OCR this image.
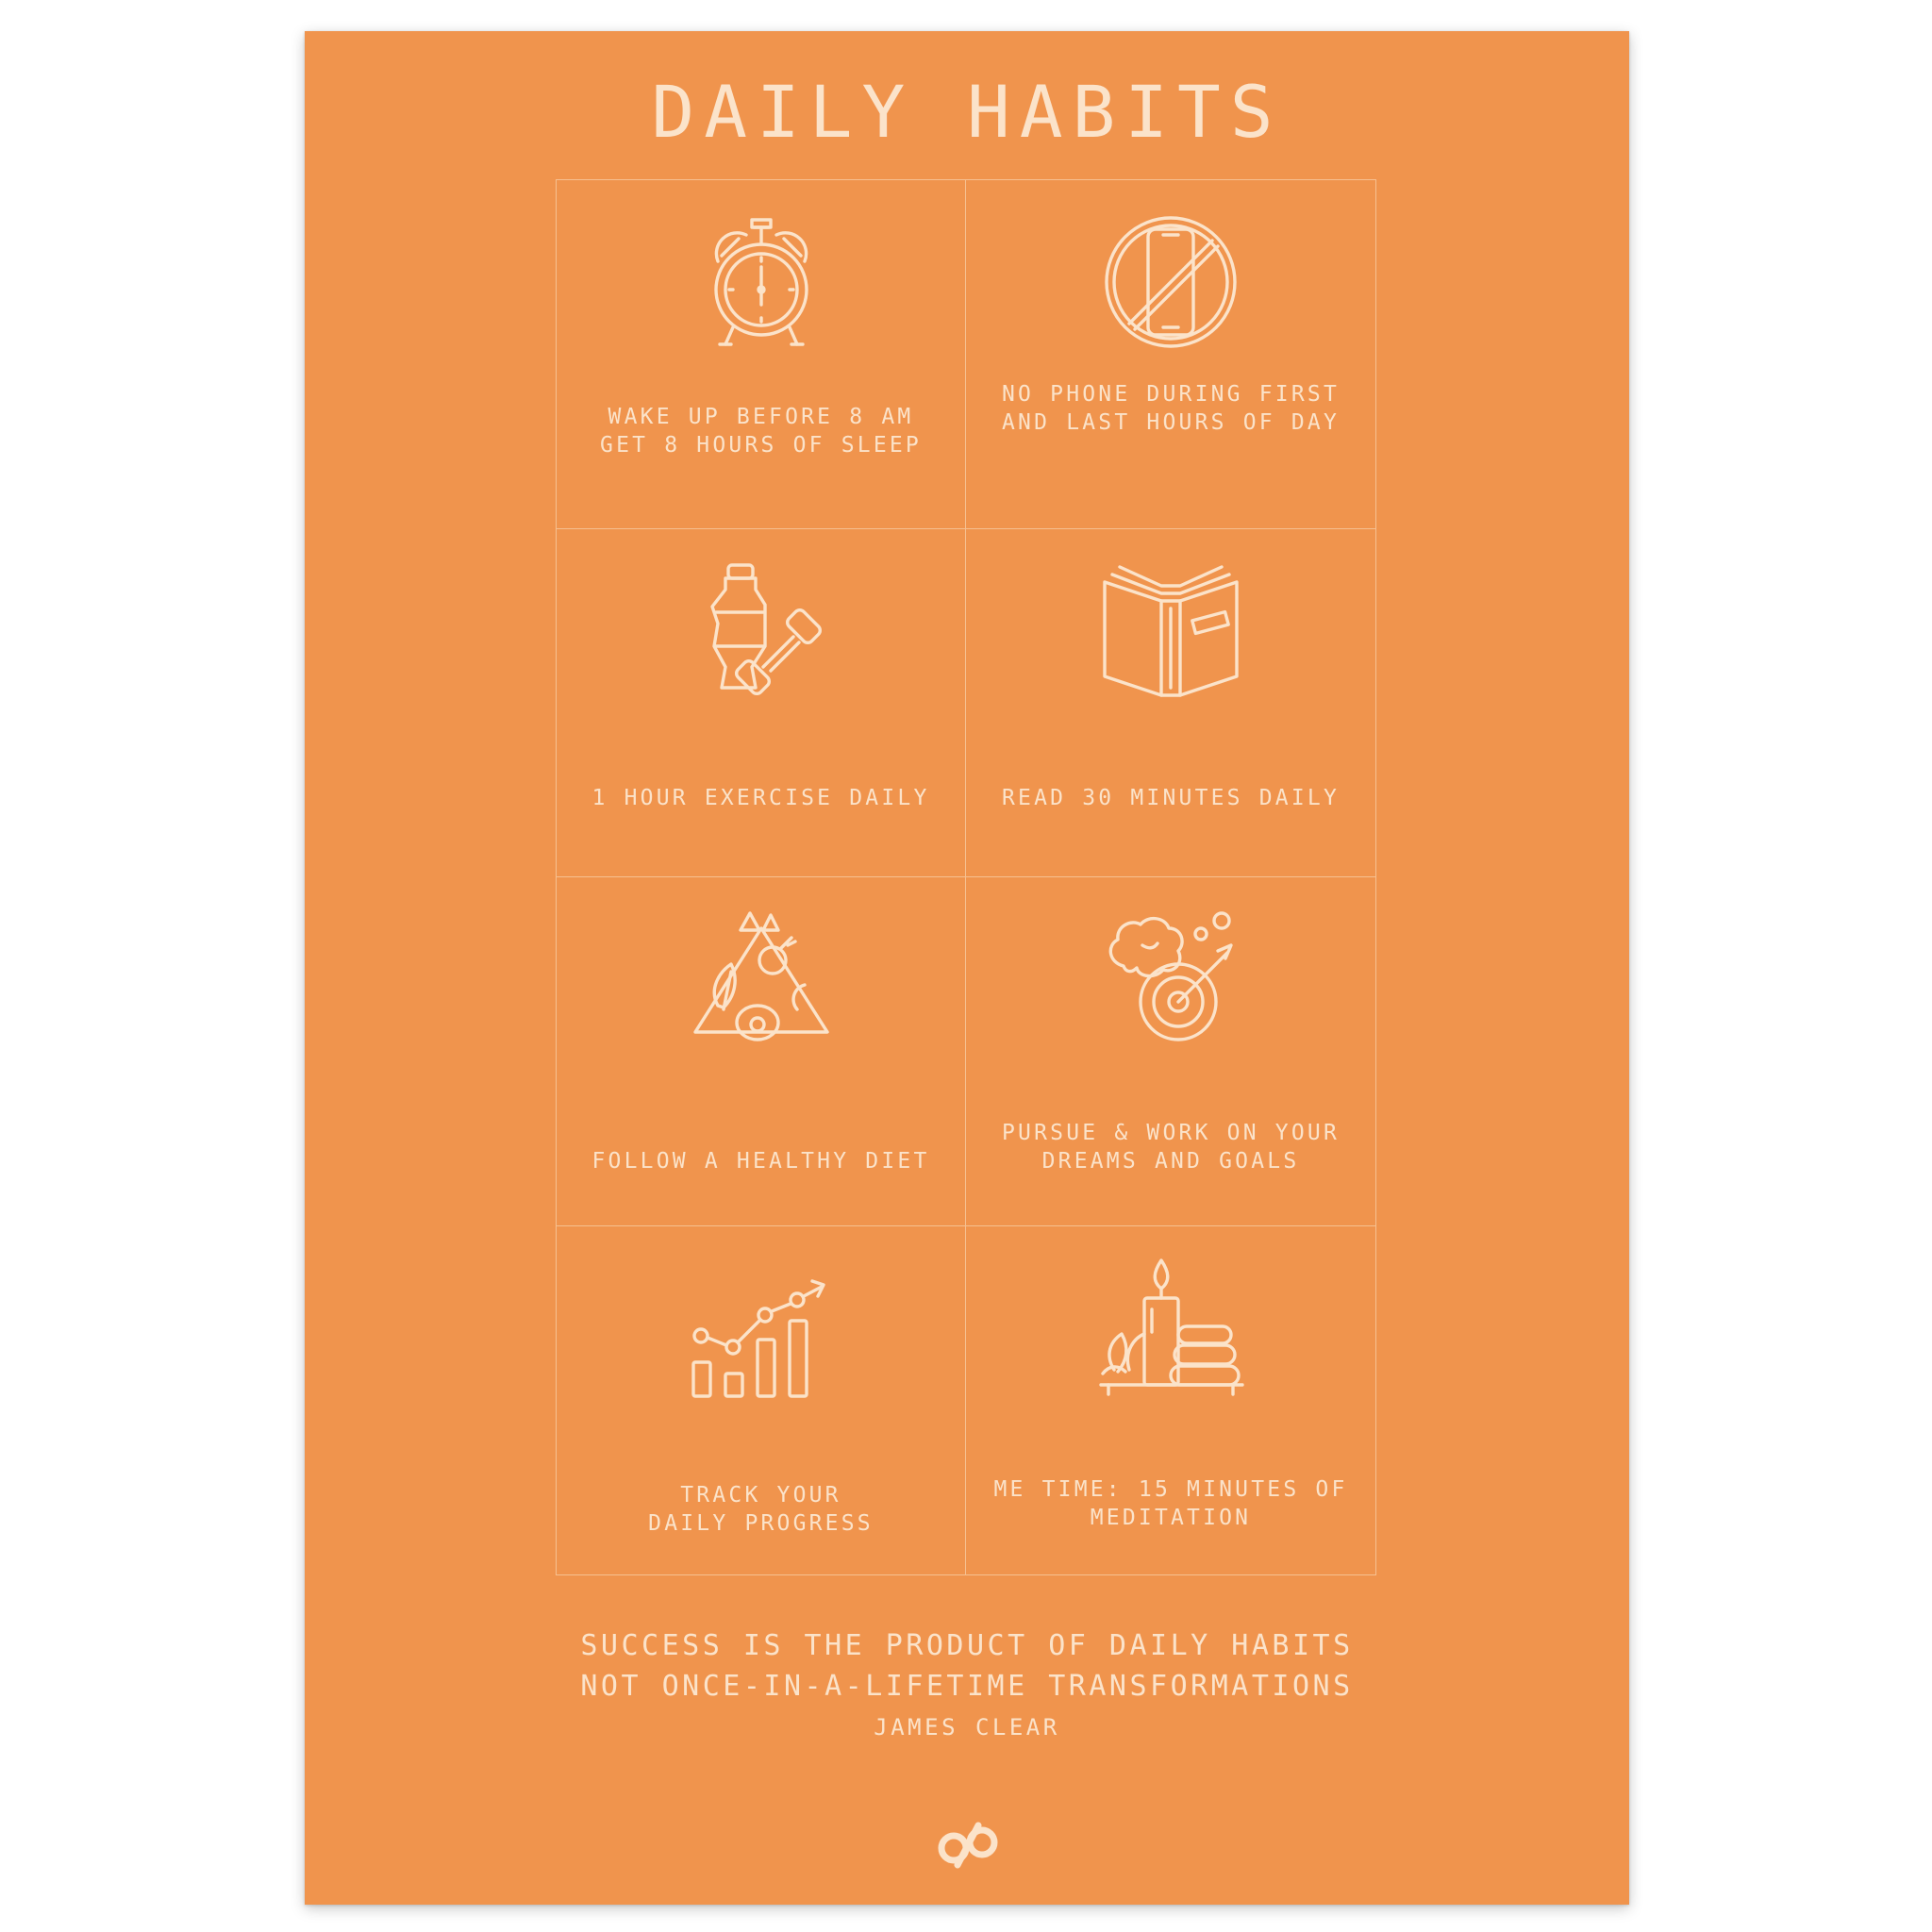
DAILY HABITS
WAKE UP BEFORE 8 AM
GET 8 HOURS OF SLEEP
NO PHONE DURING FIRST
AND LAST HOURS OF DAY
1 HOUR EXERCISE DAILY	READ 30 MINUTES DAILY
FOLLOW A HEALTHY DIET
PURSUE & WORK ON YOUR
DREAMS AND GOALS
TRACK YOUR
DAILY PROGRESS
ME TIME: 15 MINUTES OF
MEDITATION
SUCCESS IS THE PRODUCT OF DAILY HABITS
NOT ONCE-IN-A-LIFETIME TRANSFORMATIONS
JAMES CLEAR
